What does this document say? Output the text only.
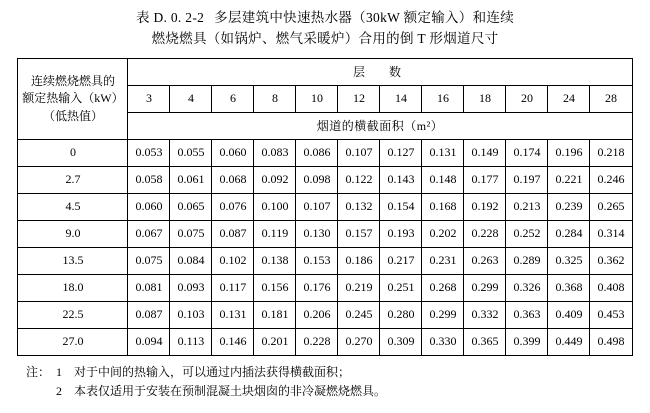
表 D. 0. 2-2 多层建筑中快速热水器（30kW 额定输入）和连续
燃烧燃具（如锅炉、燃气采暖炉）合用的倒 T 形烟道尺寸
连续燃烧燃具的
额定热输入（kW）
（低热值）	层　数											
	3	4	6	8	10	12	14	16	18	20	24	28
	烟道的横截面积（m²）											
0	0.053	0.055	0.060	0.083	0.086	0.107	0.127	0.131	0.149	0.174	0.196	0.218
2.7	0.058	0.061	0.068	0.092	0.098	0.122	0.143	0.148	0.177	0.197	0.221	0.246
4.5	0.060	0.065	0.076	0.100	0.107	0.132	0.154	0.168	0.192	0.213	0.239	0.265
9.0	0.067	0.075	0.087	0.119	0.130	0.157	0.193	0.202	0.228	0.252	0.284	0.314
13.5	0.075	0.084	0.102	0.138	0.153	0.186	0.217	0.231	0.263	0.289	0.325	0.362
18.0	0.081	0.093	0.117	0.156	0.176	0.219	0.251	0.268	0.299	0.326	0.368	0.408
22.5	0.087	0.103	0.131	0.181	0.206	0.245	0.280	0.299	0.332	0.363	0.409	0.453
27.0	0.094	0.113	0.146	0.201	0.228	0.270	0.309	0.330	0.365	0.399	0.449	0.498
注： 1	对于中间的热输入，可以通过内插法获得横截面积；
2	本表仅适用于安装在预制混凝土块烟囱的非冷凝燃烧燃具。
